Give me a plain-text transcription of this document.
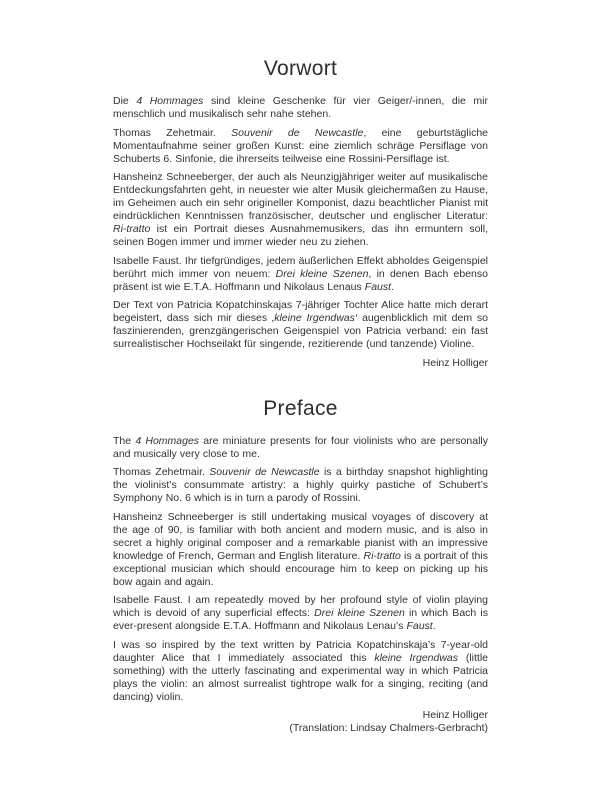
Vorwort

Die 4 Hommages sind kleine Geschenke für vier Geiger/-innen, die mir menschlich und musikalisch sehr nahe stehen.

Thomas Zehetmair. Souvenir de Newcastle, eine geburtstägliche Momentaufnahme seiner großen Kunst: eine ziemlich schräge Persiflage von Schuberts 6. Sinfonie, die ihrerseits teilweise eine Rossini-Persiflage ist.

Hansheinz Schneeberger, der auch als Neunzigjähriger weiter auf musikalische Entdeckungsfahrten geht, in neuester wie alter Musik gleichermaßen zu Hause, im Geheimen auch ein sehr origineller Komponist, dazu beachtlicher Pianist mit eindrücklichen Kenntnissen französischer, deutscher und englischer Literatur: Ri-tratto ist ein Portrait dieses Ausnahmemusikers, das ihn ermuntern soll, seinen Bogen immer und immer wieder neu zu ziehen.

Isabelle Faust. Ihr tiefgründiges, jedem äußerlichen Effekt abholdes Geigenspiel berührt mich immer von neuem: Drei kleine Szenen, in denen Bach ebenso präsent ist wie E.T.A. Hoffmann und Nikolaus Lenaus Faust.

Der Text von Patricia Kopatchinskajas 7-jähriger Tochter Alice hatte mich derart begeistert, dass sich mir dieses ‚kleine Irgendwas‘ augenblicklich mit dem so faszinierenden, grenzgängerischen Geigenspiel von Patricia verband: ein fast surrealistischer Hochseilakt für singende, rezitierende (und tanzende) Violine.

Heinz Holliger
Preface

The 4 Hommages are miniature presents for four violinists who are personally and musically very close to me.

Thomas Zehetmair. Souvenir de Newcastle is a birthday snapshot highlighting the violinist’s consummate artistry: a highly quirky pastiche of Schubert’s Symphony No. 6 which is in turn a parody of Rossini.

Hansheinz Schneeberger is still undertaking musical voyages of discovery at the age of 90, is familiar with both ancient and modern music, and is also in secret a highly original composer and a remarkable pianist with an impressive knowledge of French, German and English literature. Ri-tratto is a portrait of this exceptional musician which should encourage him to keep on picking up his bow again and again.

Isabelle Faust. I am repeatedly moved by her profound style of violin playing which is devoid of any superficial effects: Drei kleine Szenen in which Bach is ever-present alongside E.T.A. Hoffmann and Nikolaus Lenau’s Faust.

I was so inspired by the text written by Patricia Kopatchinskaja’s 7-year-old daughter Alice that I immediately associated this kleine Irgendwas (little something) with the utterly fascinating and experimental way in which Patricia plays the violin: an almost surrealist tightrope walk for a singing, reciting (and dancing) violin.

Heinz Holliger
(Translation: Lindsay Chalmers-Gerbracht)
